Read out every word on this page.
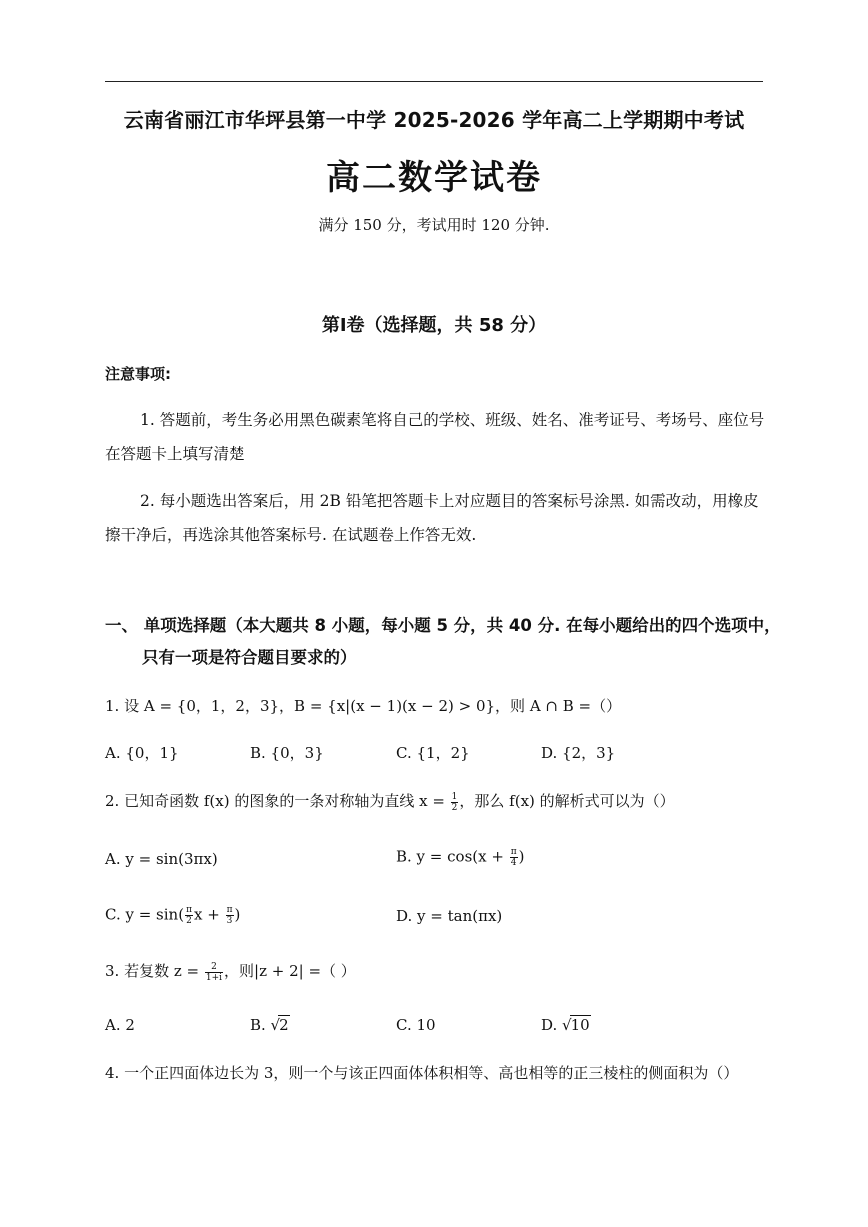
云南省丽江市华坪县第一中学 2025-2026 学年高二上学期期中考试
高二数学试卷
满分 150 分，考试用时 120 分钟.
第Ⅰ卷（选择题，共 58 分）
注意事项:
1. 答题前，考生务必用黑色碳素笔将自己的学校、班级、姓名、准考证号、考场号、座位号在答题卡上填写清楚
2. 每小题选出答案后，用 2B 铅笔把答题卡上对应题目的答案标号涂黑. 如需改动，用橡皮擦干净后，再选涂其他答案标号. 在试题卷上作答无效.
一、 单项选择题（本大题共 8 小题，每小题 5 分，共 40 分. 在每小题给出的四个选项中，
只有一项是符合题目要求的）
1. 设 A = {0，1，2，3}，B = {x|(x − 1)(x − 2) > 0}，则 A ∩ B =（）
A. {0，1}	B. {0，3}	C. {1，2}	D. {2，3}
2. 已知奇函数 f(x) 的图象的一条对称轴为直线 $x = \frac{1}{2}$ ，那么 f(x) 的解析式可以为（）
A. y = sin(3πx)	B. $y = \cos(x + \frac{\pi}{4}$ )
C. $y = \sin( \frac{\pi}{2}$ $x + \frac{\pi}{3}$ )	D. y = tan(πx)
3. 若复数 $z = \frac{2}{1+i}$ ，则|z + 2| =（ ）
A. 2	B. √2	C. 10	D. √10
4. 一个正四面体边长为 3，则一个与该正四面体体积相等、高也相等的正三棱柱的侧面积为（）
